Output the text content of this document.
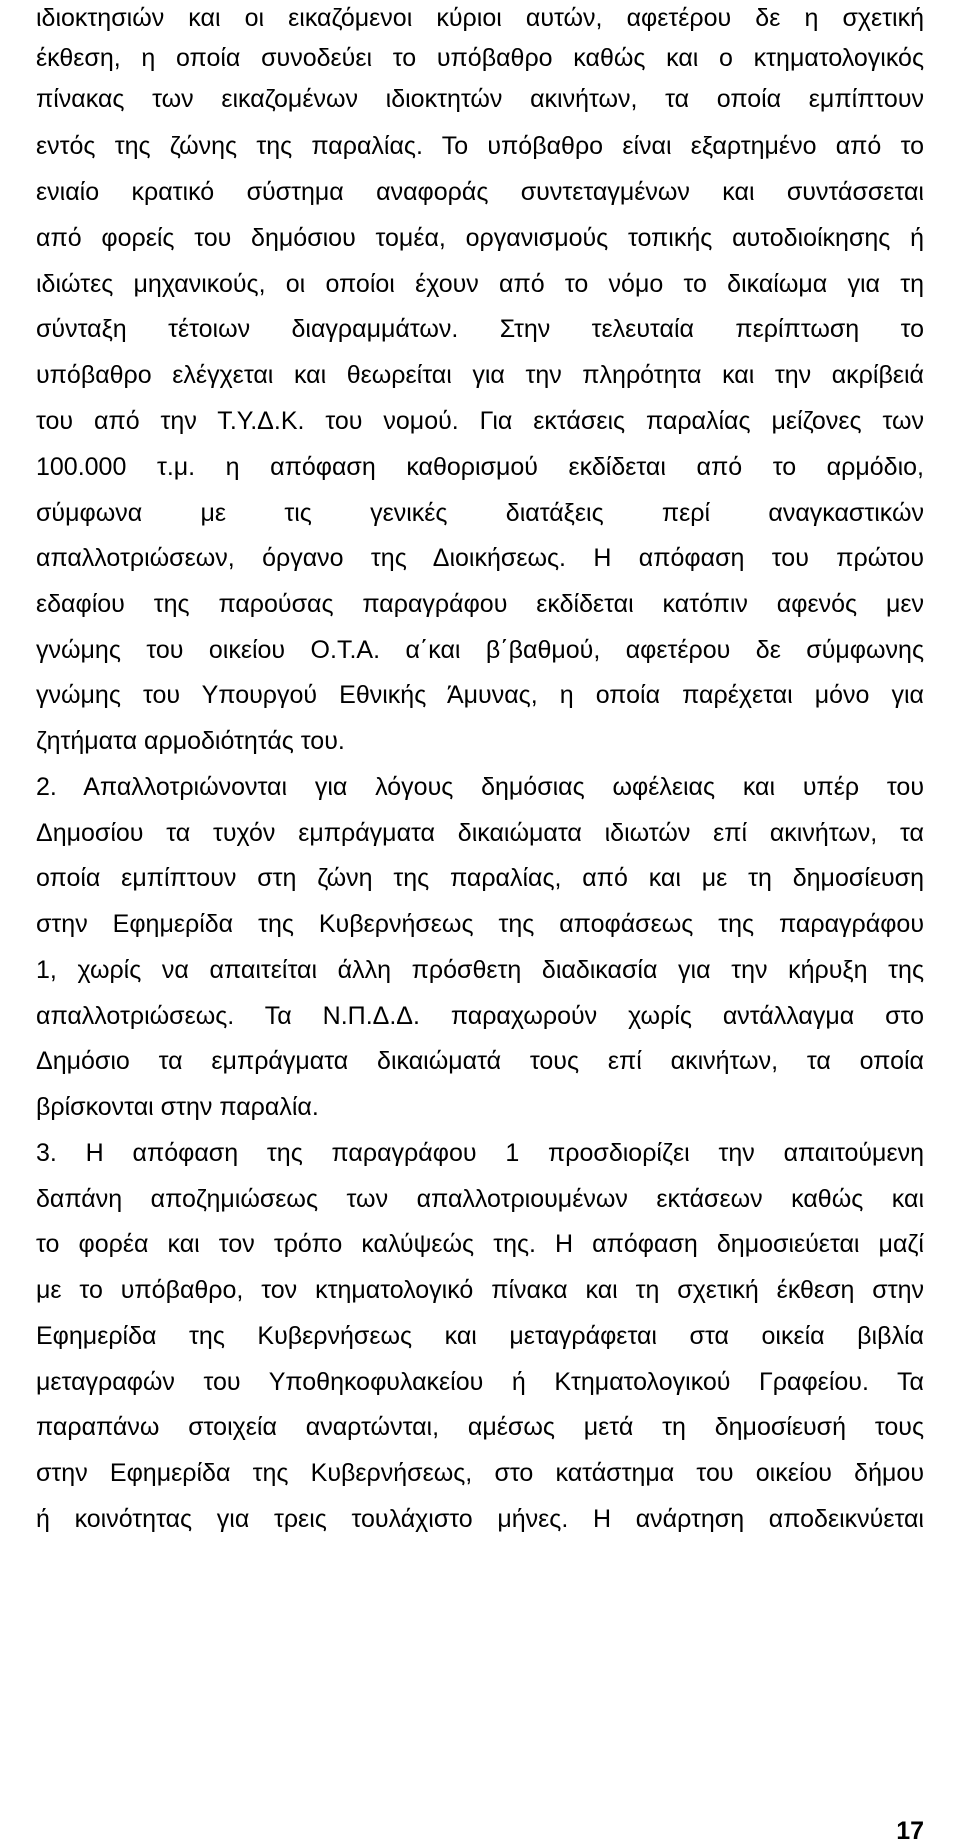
ιδιοκτησιών και οι εικαζόμενοι κύριοι αυτών, αφετέρου δε η σχετική
έκθεση, η οποία συνοδεύει το υπόβαθρο καθώς και ο κτηματολογικός
πίνακας των εικαζομένων ιδιοκτητών ακινήτων, τα οποία εμπίπτουν
εντός της ζώνης της παραλίας. Το υπόβαθρο είναι εξαρτημένο από το
ενιαίο κρατικό σύστημα αναφοράς συντεταγμένων και συντάσσεται
από φορείς του δημόσιου τομέα, οργανισμούς τοπικής αυτοδιοίκησης ή
ιδιώτες μηχανικούς, οι οποίοι έχουν από το νόμο το δικαίωμα για τη
σύνταξη τέτοιων διαγραμμάτων. Στην τελευταία περίπτωση το
υπόβαθρο ελέγχεται και θεωρείται για την πληρότητα και την ακρίβειά
του από την Τ.Υ.Δ.Κ. του νομού. Για εκτάσεις παραλίας μείζονες των
100.000 τ.μ. η απόφαση καθορισμού εκδίδεται από το αρμόδιο,
σύμφωνα με τις γενικές διατάξεις περί αναγκαστικών
απαλλοτριώσεων, όργανο της Διοικήσεως. Η απόφαση του πρώτου
εδαφίου της παρούσας παραγράφου εκδίδεται κατόπιν αφενός μεν
γνώμης του οικείου Ο.Τ.Α. α΄και β΄βαθμού, αφετέρου δε σύμφωνης
γνώμης του Υπουργού Εθνικής Άμυνας, η οποία παρέχεται μόνο για
ζητήματα αρμοδιότητάς του.
2. Απαλλοτριώνονται για λόγους δημόσιας ωφέλειας και υπέρ του
Δημοσίου τα τυχόν εμπράγματα δικαιώματα ιδιωτών επί ακινήτων, τα
οποία εμπίπτουν στη ζώνη της παραλίας, από και με τη δημοσίευση
στην Εφημερίδα της Κυβερνήσεως της αποφάσεως της παραγράφου
1, χωρίς να απαιτείται άλλη πρόσθετη διαδικασία για την κήρυξη της
απαλλοτριώσεως. Τα Ν.Π.Δ.Δ. παραχωρούν χωρίς αντάλλαγμα στο
Δημόσιο τα εμπράγματα δικαιώματά τους επί ακινήτων, τα οποία
βρίσκονται στην παραλία.
3. Η απόφαση της παραγράφου 1 προσδιορίζει την απαιτούμενη
δαπάνη αποζημιώσεως των απαλλοτριουμένων εκτάσεων καθώς και
το φορέα και τον τρόπο καλύψεώς της. Η απόφαση δημοσιεύεται μαζί
με το υπόβαθρο, τον κτηματολογικό πίνακα και τη σχετική έκθεση στην
Εφημερίδα της Κυβερνήσεως και μεταγράφεται στα οικεία βιβλία
μεταγραφών του Υποθηκοφυλακείου ή Κτηματολογικού Γραφείου. Τα
παραπάνω στοιχεία αναρτώνται, αμέσως μετά τη δημοσίευσή τους
στην Εφημερίδα της Κυβερνήσεως, στο κατάστημα του οικείου δήμου
ή κοινότητας για τρεις τουλάχιστο μήνες. Η ανάρτηση αποδεικνύεται
17
